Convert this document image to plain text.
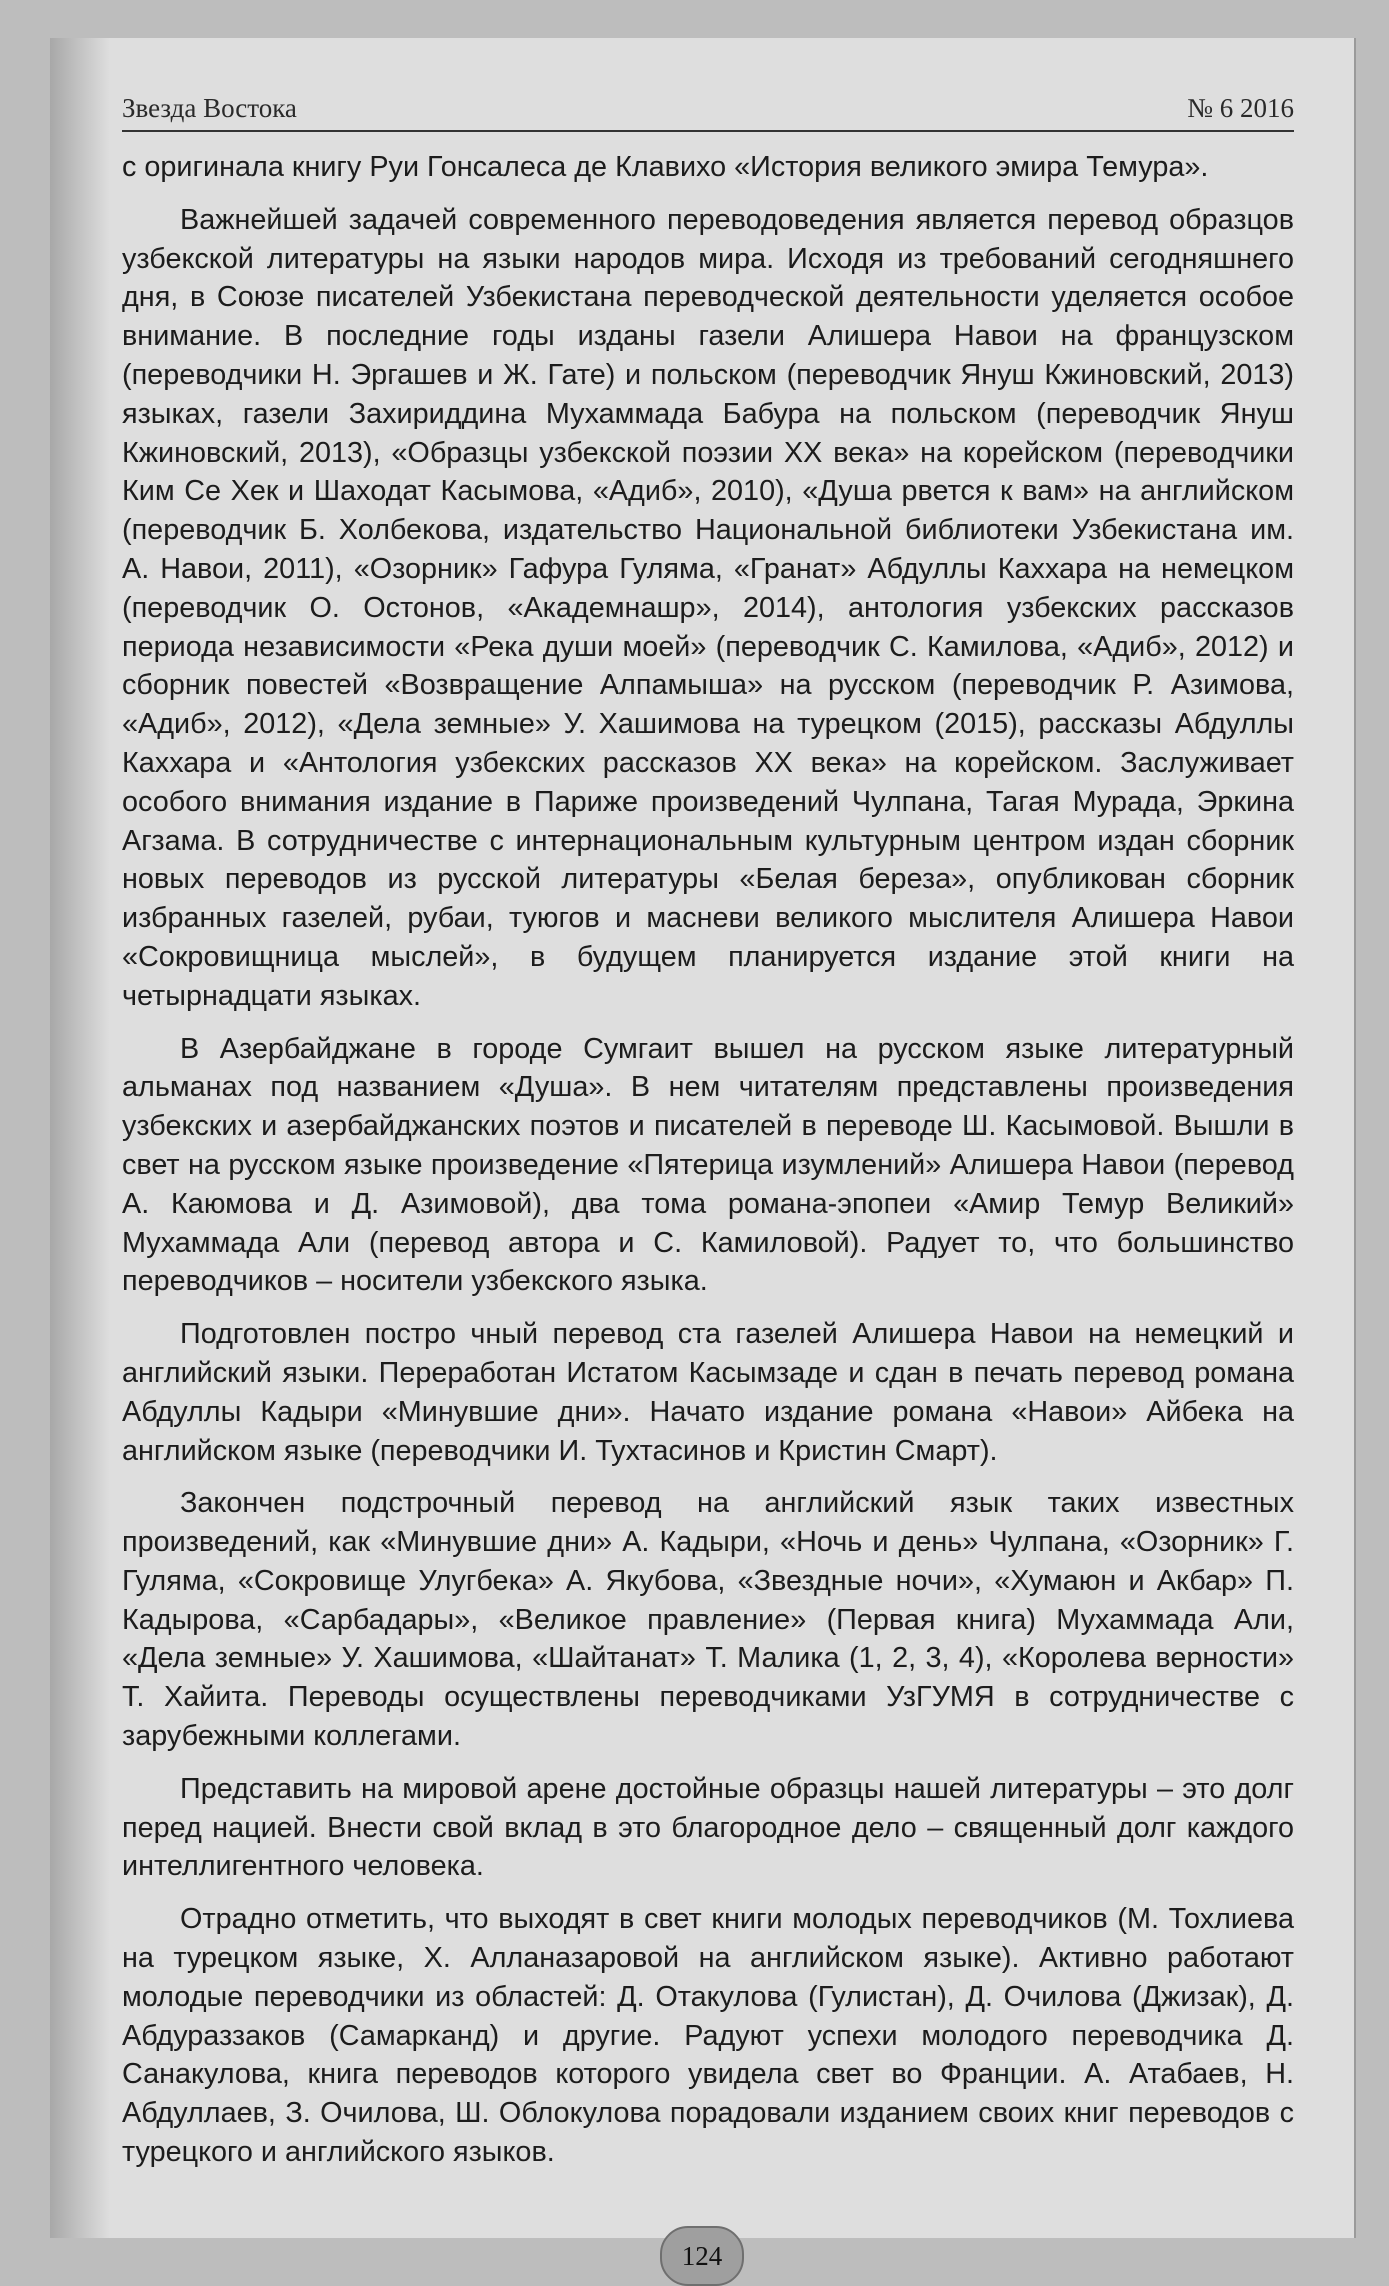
Звезда Востока	№ 6 2016

с оригинала книгу Руи Гонсалеса де Клавихо «История великого эмира Темура».

Важнейшей задачей современного переводоведения является перевод образцов узбекской литературы на языки народов мира. Исходя из требований сегодняшнего дня, в Союзе писателей Узбекистана переводческой деятельности уделяется особое внимание. В последние годы изданы газели Алишера Навои на французском (переводчики Н. Эргашев и Ж. Гате) и польском (переводчик Януш Кжиновский, 2013) языках, газели Захириддина Мухаммада Бабура на польском (переводчик Януш Кжиновский, 2013), «Образцы узбекской поэзии XX века» на корейском (переводчики Ким Се Хек и Шаходат Касымова, «Адиб», 2010), «Душа рвется к вам» на английском (переводчик Б. Холбекова, издательство Национальной библиотеки Узбекистана им. А. Навои, 2011), «Озорник» Гафура Гуляма, «Гранат» Абдуллы Каххара на немецком (переводчик О. Остонов, «Академнашр», 2014), антология узбекских рассказов периода независимости «Река души моей» (переводчик С. Камилова, «Адиб», 2012) и сборник повестей «Возвращение Алпамыша» на русском (переводчик Р. Азимова, «Адиб», 2012), «Дела земные» У. Хашимова на турецком (2015), рассказы Абдуллы Каххара и «Антология узбекских рассказов XX века» на корейском. Заслуживает особого внимания издание в Париже произведений Чулпана, Тагая Мурада, Эркина Агзама. В сотрудничестве с интернациональным культурным центром издан сборник новых переводов из русской литературы «Белая береза», опубликован сборник избранных газелей, рубаи, туюгов и масневи великого мыслителя Алишера Навои «Сокровищница мыслей», в будущем планируется издание этой книги на четырнадцати языках.

В Азербайджане в городе Сумгаит вышел на русском языке литературный альманах под названием «Душа». В нем читателям представлены произведения узбекских и азербайджанских поэтов и писателей в переводе Ш. Касымовой. Вышли в свет на русском языке произведение «Пятерица изумлений» Алишера Навои (перевод А. Каюмова и Д. Азимовой), два тома романа-эпопеи «Амир Темур Великий» Мухаммада Али (перевод автора и С. Камиловой). Радует то, что большинство переводчиков – носители узбекского языка.

Подготовлен постро чный перевод ста газелей Алишера Навои на немецкий и английский языки. Переработан Истатом Касымзаде и сдан в печать перевод романа Абдуллы Кадыри «Минувшие дни». Начато издание романа «Навои» Айбека на английском языке (переводчики И. Тухтасинов и Кристин Смарт).

Закончен подстрочный перевод на английский язык таких известных произведений, как «Минувшие дни» А. Кадыри, «Ночь и день» Чулпана, «Озорник» Г. Гуляма, «Сокровище Улугбека» А. Якубова, «Звездные ночи», «Хумаюн и Акбар» П. Кадырова, «Сарбадары», «Великое правление» (Первая книга) Мухаммада Али, «Дела земные» У. Хашимова, «Шайтанат» Т. Малика (1, 2, 3, 4), «Королева верности» Т. Хайита. Переводы осуществлены переводчиками УзГУМЯ в сотрудничестве с зарубежными коллегами.

Представить на мировой арене достойные образцы нашей литературы – это долг перед нацией. Внести свой вклад в это благородное дело – священный долг каждого интеллигентного человека.

Отрадно отметить, что выходят в свет книги молодых переводчиков (М. Тохлиева на турецком языке, Х. Алланазаровой на английском языке). Активно работают молодые переводчики из областей: Д. Отакулова (Гулистан), Д. Очилова (Джизак), Д. Абдураззаков (Самарканд) и другие. Радуют успехи молодого переводчика Д. Санакулова, книга переводов которого увидела свет во Франции. А. Атабаев, Н. Абдуллаев, З. Очилова, Ш. Облокулова порадовали изданием своих книг переводов с турецкого и английского языков.

124
